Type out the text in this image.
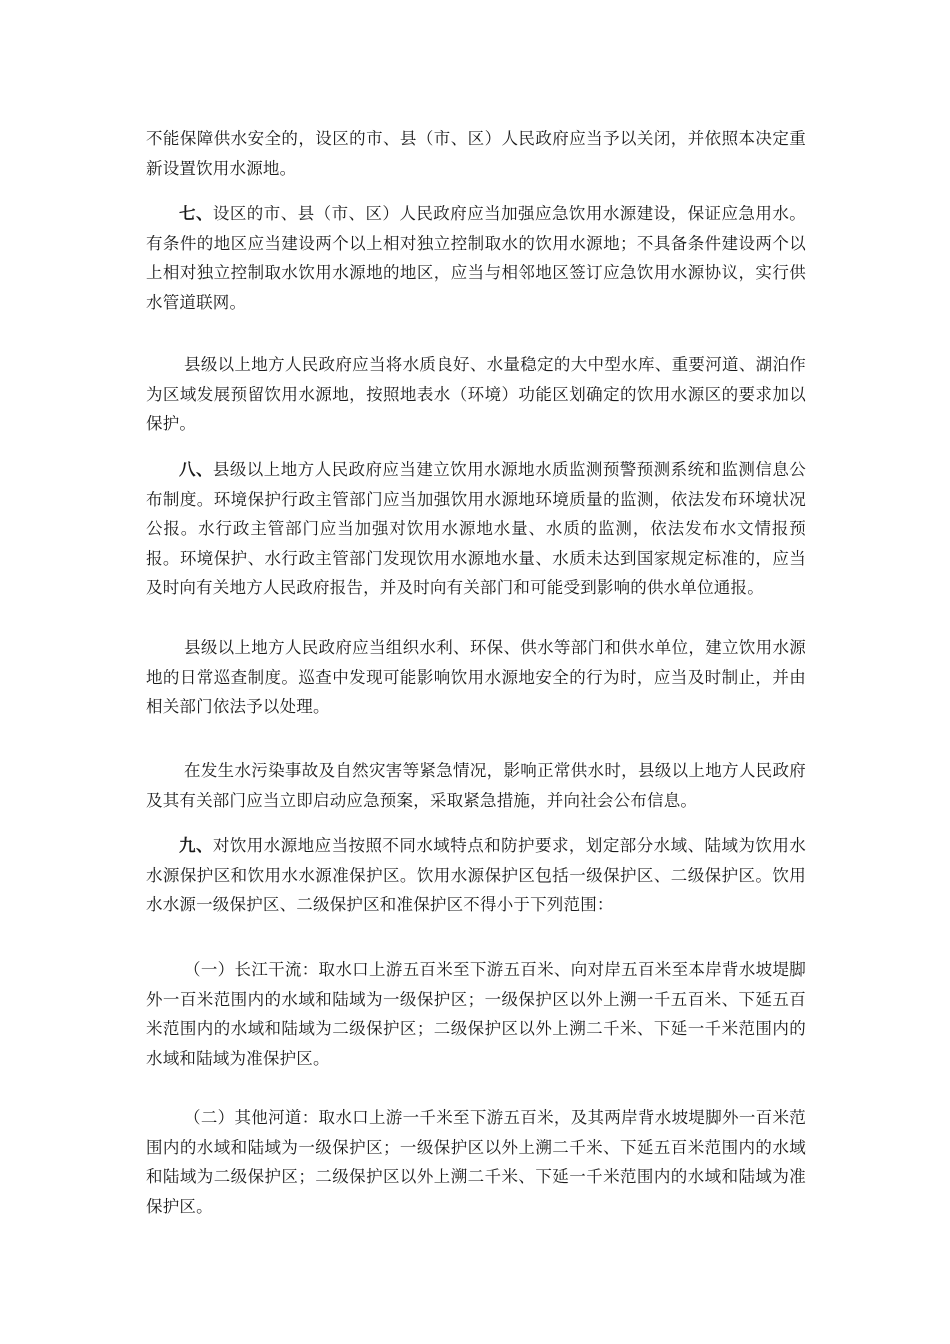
不能保障供水安全的，设区的市、县（市、区）人民政府应当予以关闭，并依照本决定重新设置饮用水源地。

七、设区的市、县（市、区）人民政府应当加强应急饮用水源建设，保证应急用水。有条件的地区应当建设两个以上相对独立控制取水的饮用水源地；不具备条件建设两个以上相对独立控制取水饮用水源地的地区，应当与相邻地区签订应急饮用水源协议，实行供水管道联网。

县级以上地方人民政府应当将水质良好、水量稳定的大中型水库、重要河道、湖泊作为区域发展预留饮用水源地，按照地表水（环境）功能区划确定的饮用水源区的要求加以保护。

八、县级以上地方人民政府应当建立饮用水源地水质监测预警预测系统和监测信息公布制度。环境保护行政主管部门应当加强饮用水源地环境质量的监测，依法发布环境状况公报。水行政主管部门应当加强对饮用水源地水量、水质的监测，依法发布水文情报预报。环境保护、水行政主管部门发现饮用水源地水量、水质未达到国家规定标准的，应当及时向有关地方人民政府报告，并及时向有关部门和可能受到影响的供水单位通报。

县级以上地方人民政府应当组织水利、环保、供水等部门和供水单位，建立饮用水源地的日常巡查制度。巡查中发现可能影响饮用水源地安全的行为时，应当及时制止，并由相关部门依法予以处理。

在发生水污染事故及自然灾害等紧急情况，影响正常供水时，县级以上地方人民政府及其有关部门应当立即启动应急预案，采取紧急措施，并向社会公布信息。

九、对饮用水源地应当按照不同水域特点和防护要求，划定部分水域、陆域为饮用水水源保护区和饮用水水源准保护区。饮用水源保护区包括一级保护区、二级保护区。饮用水水源一级保护区、二级保护区和准保护区不得小于下列范围：

（一）长江干流：取水口上游五百米至下游五百米、向对岸五百米至本岸背水坡堤脚外一百米范围内的水域和陆域为一级保护区；一级保护区以外上溯一千五百米、下延五百米范围内的水域和陆域为二级保护区；二级保护区以外上溯二千米、下延一千米范围内的水域和陆域为准保护区。

（二）其他河道：取水口上游一千米至下游五百米，及其两岸背水坡堤脚外一百米范围内的水域和陆域为一级保护区；一级保护区以外上溯二千米、下延五百米范围内的水域和陆域为二级保护区；二级保护区以外上溯二千米、下延一千米范围内的水域和陆域为准保护区。
